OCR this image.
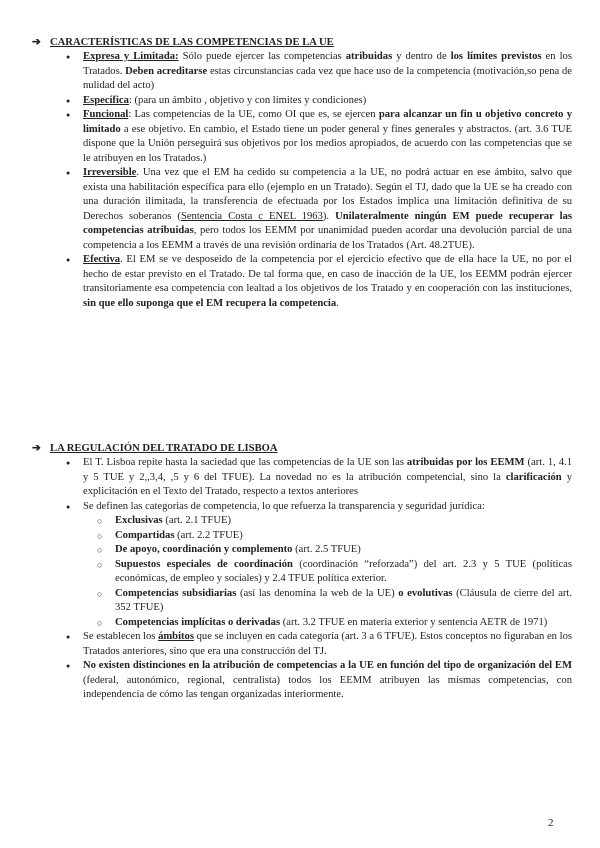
➔ CARACTERÍSTICAS DE LAS COMPETENCIAS DE LA UE

● Expresa y Limitada: Sólo puede ejercer las competencias atribuidas y dentro de los límites previstos en los Tratados. Deben acreditarse estas circunstancias cada vez que hace uso de la competencia (motivación,so pena de nulidad del acto)
● Específica: (para un ámbito , objetivo y con límites y condiciones)
● Funcional: Las competencias de la UE, como OI que es, se ejercen para alcanzar un fin u objetivo concreto y limitado a ese objetivo. En cambio, el Estado tiene un poder general y fines generales y abstractos. (art. 3.6 TUE dispone que la Unión perseguirá sus objetivos por los medios apropiados, de acuerdo con las competencias que se le atribuyen en los Tratados.)
● Irreversible. Una vez que el EM ha cedido su competencia a la UE, no podrá actuar en ese ámbito, salvo que exista una habilitación específica para ello (ejemplo en un Tratado). Según el TJ, dado que la UE se ha creado con una duración ilimitada, la transferencia de efectuada por los Estados implica una limitación definitiva de su Derechos soberanos (Sentencia Costa c ENEL 1963). Unilateralmente ningún EM puede recuperar las competencias atribuidas, pero todos los EEMM por unanimidad pueden acordar una devolución parcial de una competencia a los EEMM a través de una revisión ordinaria de los Tratados (Art. 48.2TUE).
● Efectiva. El EM se ve desposeido de la competencia por el ejercicio efectivo que de ella hace la UE, no por el hecho de estar previsto en el Tratado. De tal forma que, en caso de inacción de la UE, los EEMM podrán ejercer transitoriamente esa competencia con lealtad a los objetivos de los Tratado y en cooperación con las instituciones, sin que ello suponga que el EM recupera la competencia.

➔ LA REGULACIÓN DEL TRATADO DE LISBOA

● El T. Lisboa repite hasta la saciedad que las competencias de la UE son las atribuidas por los EEMM (art. 1, 4.1 y 5 TUE y 2,,3,4, ,5 y 6 del TFUE). La novedad no es la atribución competencial, sino la clarificación y explicitación en el Texto del Tratado, respecto a textos anteriores
● Se definen las categorias de competencia, lo que refuerza la transparencia y seguridad jurídica:
○ Exclusivas (art. 2.1 TFUE)
○ Compartidas (art. 2.2 TFUE)
○ De apoyo, coordinación y complemento (art. 2.5 TFUE)
○ Supuestos especiales de coordinación (coordinación “reforzada”) del art. 2.3 y 5 TUE (políticas económicas, de empleo y sociales) y 2.4 TFUE política exterior.
○ Competencias subsidiarias (así las denomina la web de la UE) o evolutivas (Cláusula de cierre del art. 352 TFUE)
○ Competencias implícitas o derivadas (art. 3.2 TFUE en materia exterior y sentencia AETR de 1971)
● Se establecen los ámbitos que se incluyen en cada categoría (art. 3 a 6 TFUE). Estos conceptos no figuraban en los Tratados anteriores, sino que era una construcción del TJ.
● No existen distinciones en la atribución de competencias a la UE en función del tipo de organización del EM (federal, autonómico, regional, centralista) todos los EEMM atribuyen las mismas competencias, con independencia de cómo las tengan organizadas interiormente.
2
